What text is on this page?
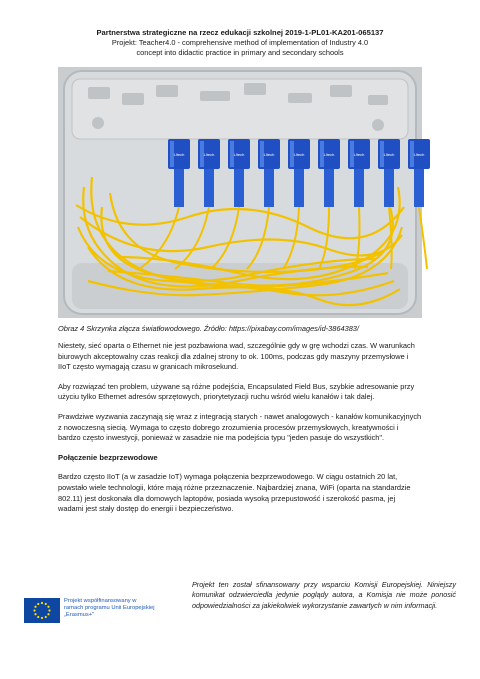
Partnerstwa strategiczne na rzecz edukacji szkolnej 2019-1-PL01-KA201-065137
Projekt: Teacher4.0 - comprehensive method of implementation of Industry 4.0
concept into didactic practice in primary and secondary schools
Lltech	Lltech	Lltech	Lltech	Lltech	Lltech	Lltech	Lltech	Lltech
Obraz 4 Skrzynka złącza światłowodowego. Źródło: https://pixabay.com/images/id-3864383/

Niestety, sieć oparta o Ethernet nie jest pozbawiona wad, szczególnie gdy w grę wchodzi czas. W warunkach biurowych akceptowalny czas reakcji dla zdalnej strony to ok. 100ms, podczas gdy maszyny przemysłowe i IIoT często wymagają czasu w granicach mikrosekund.

Aby rozwiązać ten problem, używane są różne podejścia, Encapsulated Field Bus, szybkie adresowanie przy użyciu tylko Ethernet adresów sprzętowych, priorytetyzacji ruchu wśród wielu kanałów i tak dalej.

Prawdziwe wyzwania zaczynają się wraz z integracją starych - nawet analogowych - kanałów komunikacyjnych z nowoczesną siecią. Wymaga to często dobrego zrozumienia procesów przemysłowych, kreatywności i bardzo często inwestycji, ponieważ w zasadzie nie ma podejścia typu "jeden pasuje do wszystkich".

Połączenie bezprzewodowe

Bardzo często IIoT (a w zasadzie IoT) wymaga połączenia bezprzewodowego. W ciągu ostatnich 20 lat, powstało wiele technologii, które mają różne przeznaczenie. Najbardziej znana, WiFi (oparta na standardzie 802.11) jest doskonała dla domowych laptopów, posiada wysoką przepustowość i szerokość pasma, jej wadami jest stały dostęp do energii i bezpieczeństwo.

Projekt współfinansowany w
ramach programu Unii Europejskiej
„Erasmus+"
Projekt ten został sfinansowany przy wsparciu Komisji Europejskiej. Niniejszy komunikat odzwierciedla jedynie poglądy autora, a Komisja nie może ponosić odpowiedzialności za jakiekolwiek wykorzystanie zawartych w nim informacji.
